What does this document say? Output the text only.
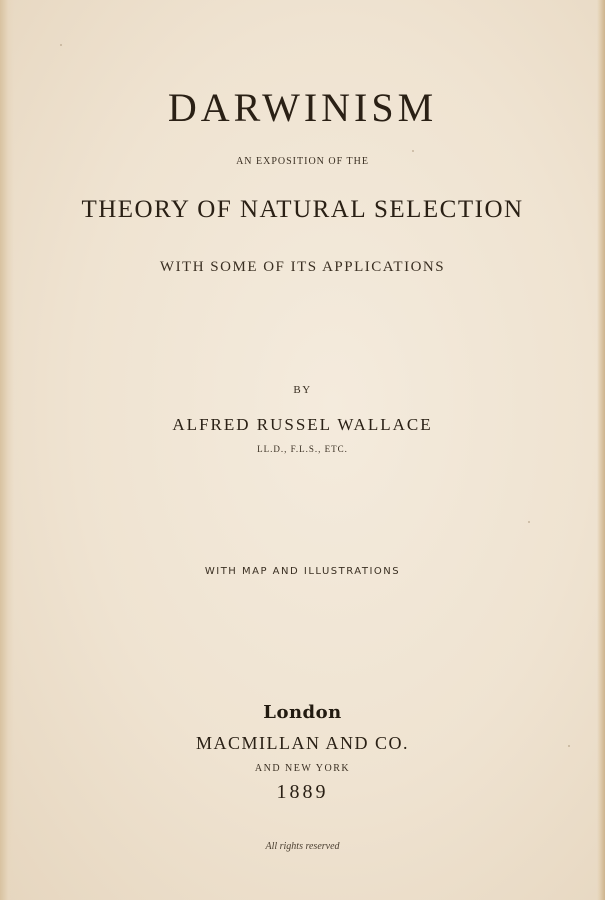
DARWINISM
AN EXPOSITION OF THE
THEORY OF NATURAL SELECTION
WITH SOME OF ITS APPLICATIONS
BY
ALFRED RUSSEL WALLACE
LL.D., F.L.S., ETC.
WITH MAP AND ILLUSTRATIONS
London
MACMILLAN AND CO.
AND NEW YORK
1889
All rights reserved
